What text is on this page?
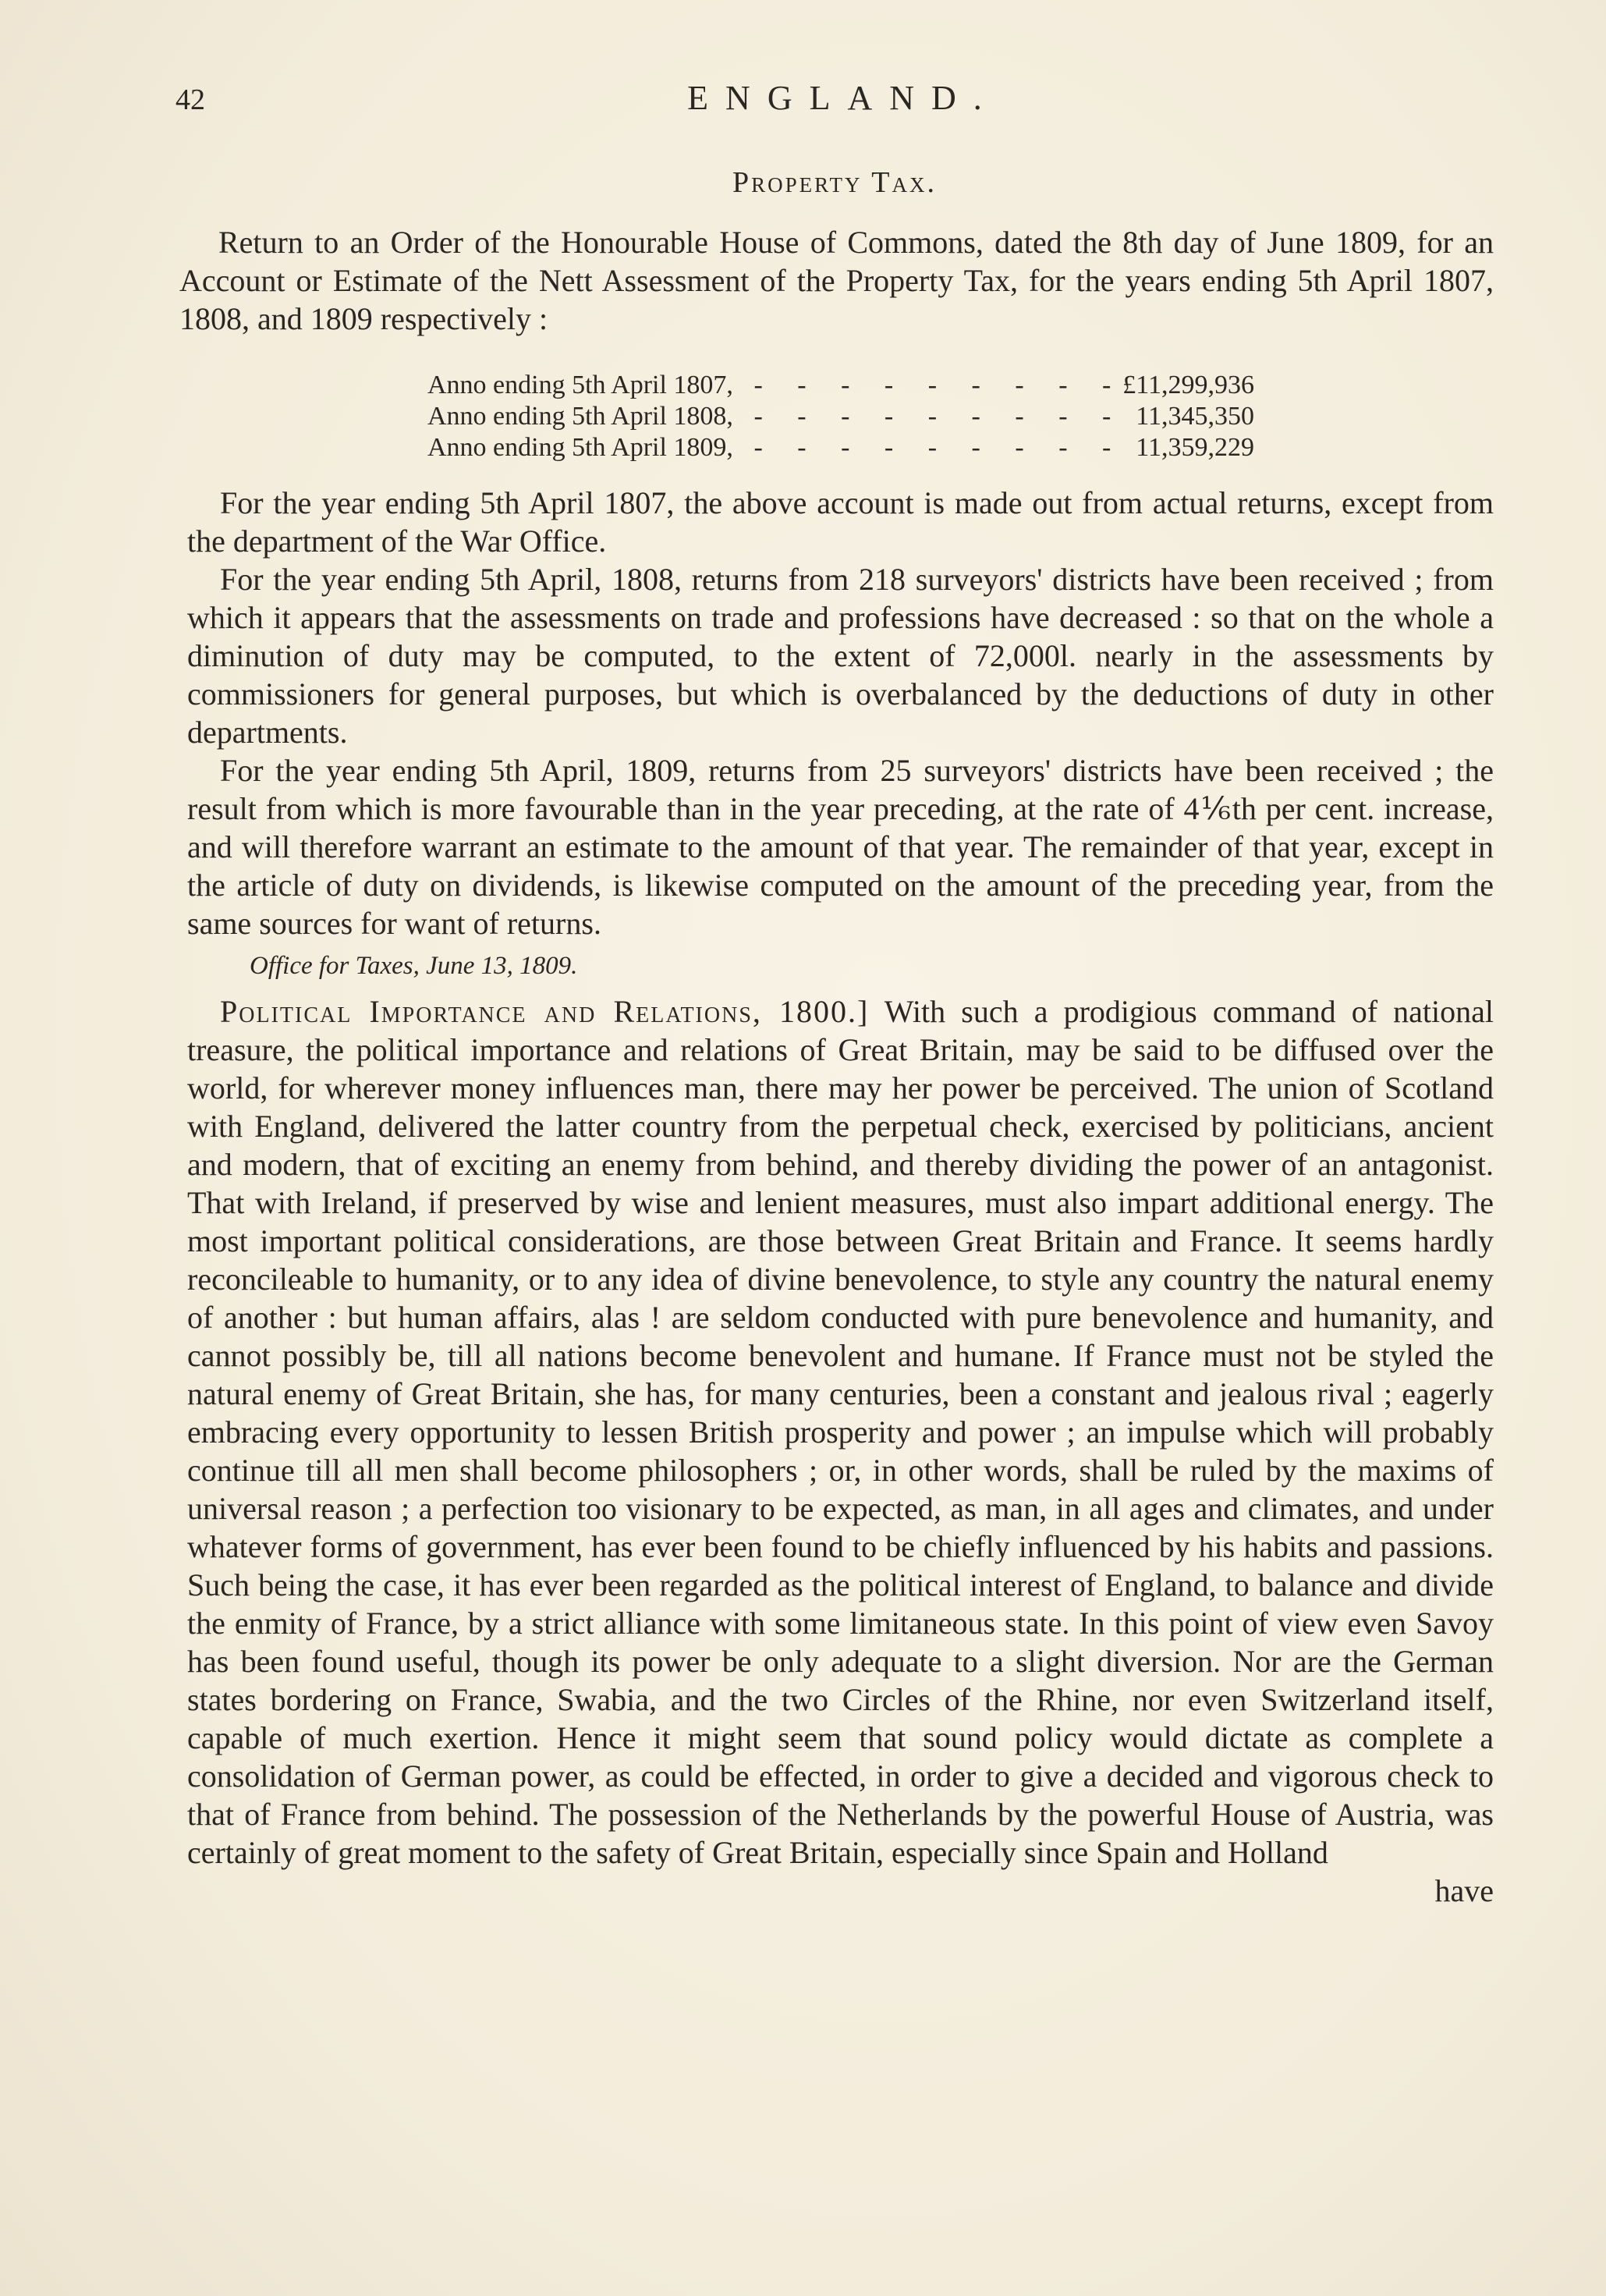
42	ENGLAND.
Property Tax.

Return to an Order of the Honourable House of Commons, dated the 8th day of June 1809, for an Account or Estimate of the Nett Assessment of the Property Tax, for the years ending 5th April 1807, 1808, and 1809 respectively :

Anno ending 5th April 1807, - -	£11,299,936
Anno ending 5th April 1808, - -	11,345,350
Anno ending 5th April 1809, - -	11,359,229

For the year ending 5th April 1807, the above account is made out from actual returns, except from the department of the War Office.

For the year ending 5th April, 1808, returns from 218 surveyors' districts have been received ; from which it appears that the assessments on trade and professions have decreased : so that on the whole a diminution of duty may be computed, to the extent of 72,000l. nearly in the assessments by commissioners for general purposes, but which is overbalanced by the deductions of duty in other departments.

For the year ending 5th April, 1809, returns from 25 surveyors' districts have been received ; the result from which is more favourable than in the year preceding, at the rate of 4⅙th per cent. increase, and will therefore warrant an estimate to the amount of that year. The remainder of that year, except in the article of duty on dividends, is likewise computed on the amount of the preceding year, from the same sources for want of returns.

Office for Taxes, June 13, 1809.

Political Importance and Relations, 1800.] With such a prodigious command of national treasure, the political importance and relations of Great Britain, may be said to be diffused over the world, for wherever money influences man, there may her power be perceived. The union of Scotland with England, delivered the latter country from the perpetual check, exercised by politicians, ancient and modern, that of exciting an enemy from behind, and thereby dividing the power of an antagonist. That with Ireland, if preserved by wise and lenient measures, must also impart additional energy. The most important political considerations, are those between Great Britain and France. It seems hardly reconcileable to humanity, or to any idea of divine benevolence, to style any country the natural enemy of another : but human affairs, alas ! are seldom conducted with pure benevolence and humanity, and cannot possibly be, till all nations become benevolent and humane. If France must not be styled the natural enemy of Great Britain, she has, for many centuries, been a constant and jealous rival ; eagerly embracing every opportunity to lessen British prosperity and power ; an impulse which will probably continue till all men shall become philosophers ; or, in other words, shall be ruled by the maxims of universal reason ; a perfection too visionary to be expected, as man, in all ages and climates, and under whatever forms of government, has ever been found to be chiefly influenced by his habits and passions. Such being the case, it has ever been regarded as the political interest of England, to balance and divide the enmity of France, by a strict alliance with some limitaneous state. In this point of view even Savoy has been found useful, though its power be only adequate to a slight diversion. Nor are the German states bordering on France, Swabia, and the two Circles of the Rhine, nor even Switzerland itself, capable of much exertion. Hence it might seem that sound policy would dictate as complete a consolidation of German power, as could be effected, in order to give a decided and vigorous check to that of France from behind. The possession of the Netherlands by the powerful House of Austria, was certainly of great moment to the safety of Great Britain, especially since Spain and Holland

have
